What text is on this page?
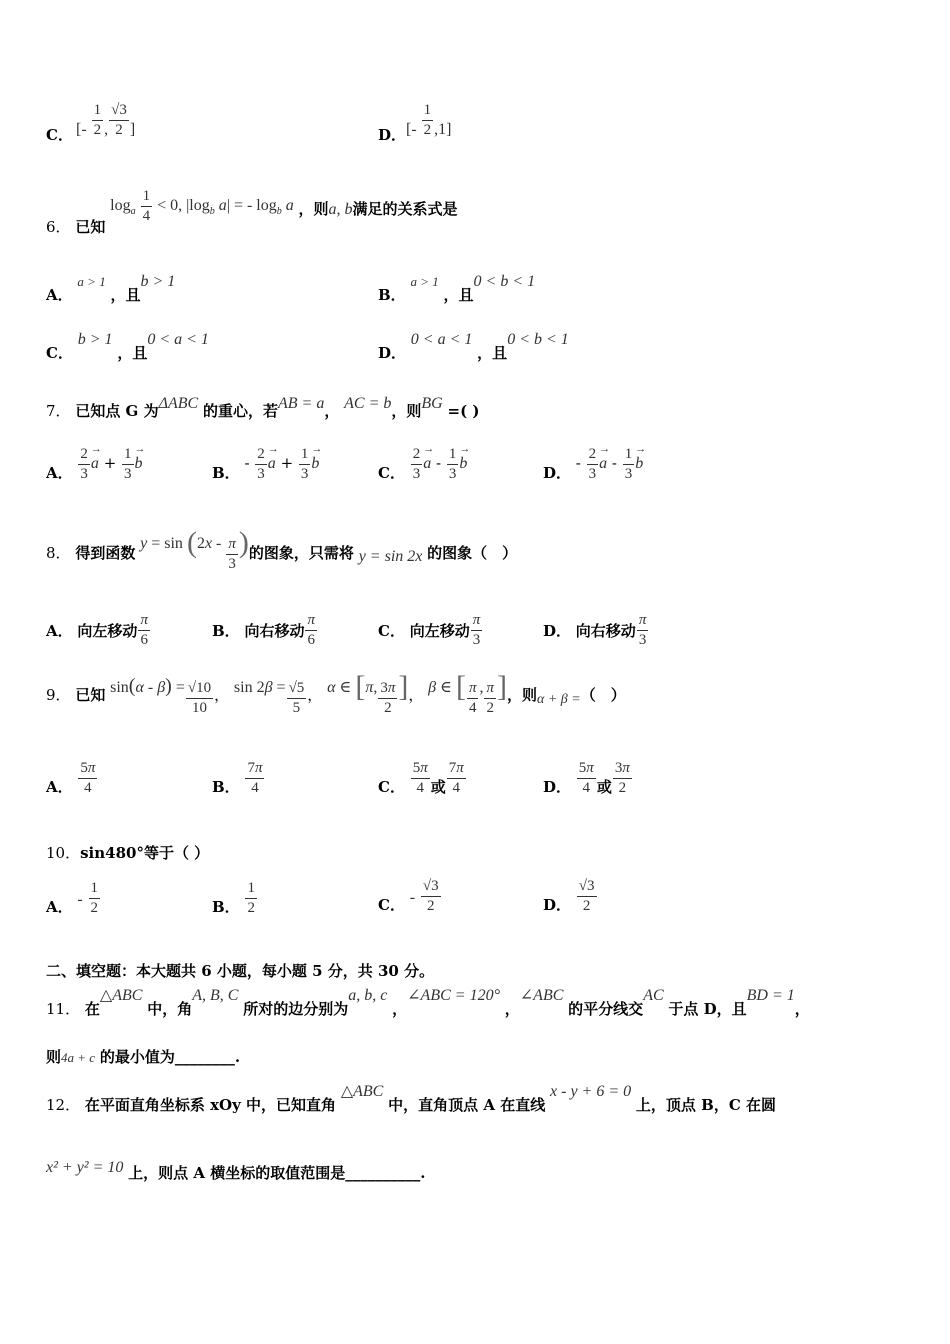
C． [- $\frac{1}{2}$ , $\frac{√3}{2}$ ]	D． [- $\frac{1}{2} ,1$]
6． 已知 $\log_a \frac{1}{4} < 0$, $|\log_b$ a| = - $\log_b a$ ，则a, b满足的关系式是
A． a > 1 ，且b > 1
B． a > 1 ，且0 < b < 1
C． b > 1 ，且0 < a < 1
D． 0 < a < 1 ，且0 < b < 1
7． 已知点 G 为ΔABC 的重心，若AB = a， AC = b，则BG =( )
A． $\frac{2}{3}$
→ $a + \frac{1}{3}$
→ b
B． - $\frac{2}{3}$
→ $a + \frac{1}{3}$
→ b
C． $\frac{2}{3}$
→ a - $\frac{1}{3}$
→ b
D． - $\frac{2}{3}$
→ a - $\frac{1}{3}$
→ b
8． 得到函数 $y = \sin (2x - \frac{\pi}{3}$ )的图象，只需将 y = sin 2x 的图象（　）
A． 向左移动 $\frac{\pi}{6}$	B． 向右移动 $\frac{\pi}{6}$	C． 向左移动 $\frac{\pi}{3}$	D． 向右移动 $\frac{\pi}{3}$
9． 已知 $\sin(\alpha - \beta) = \frac{√10}{10}$ ， $\sin 2\beta = \frac{√5}{5}$ ， α ∈ [π, $\frac{3\pi}{2}$ ]， β ∈ [ $\frac{\pi}{4}$ , $\frac{\pi}{2}$ ]，则α + β =（　）
A． $\frac{5\pi}{4}$	B． $\frac{7\pi}{4}$	C． $\frac{5\pi}{4}$ 或 $\frac{7\pi}{4}$	D． $\frac{5\pi}{4}$ 或 $\frac{3\pi}{2}$
10．sin480°等于（ ）
A． - $\frac{1}{2}$	B． $\frac{1}{2}$	C． - $\frac{√3}{2}$	D． $\frac{√3}{2}$
二、填空题：本大题共 6 小题，每小题 5 分，共 30 分。
11． 在△ABC 中，角A, B, C 所对的边分别为a, b, c ，∠ABC = 120° ，∠ABC 的平分线交AC 于点 D，且BD = 1，
则4a + c 的最小值为________.
12． 在平面直角坐标系 xOy 中，已知直角 △ABC 中，直角顶点 A 在直线 x - y + 6 = 0 上，顶点 B，C 在圆
x² + y² = 10 上，则点 A 横坐标的取值范围是__________.
